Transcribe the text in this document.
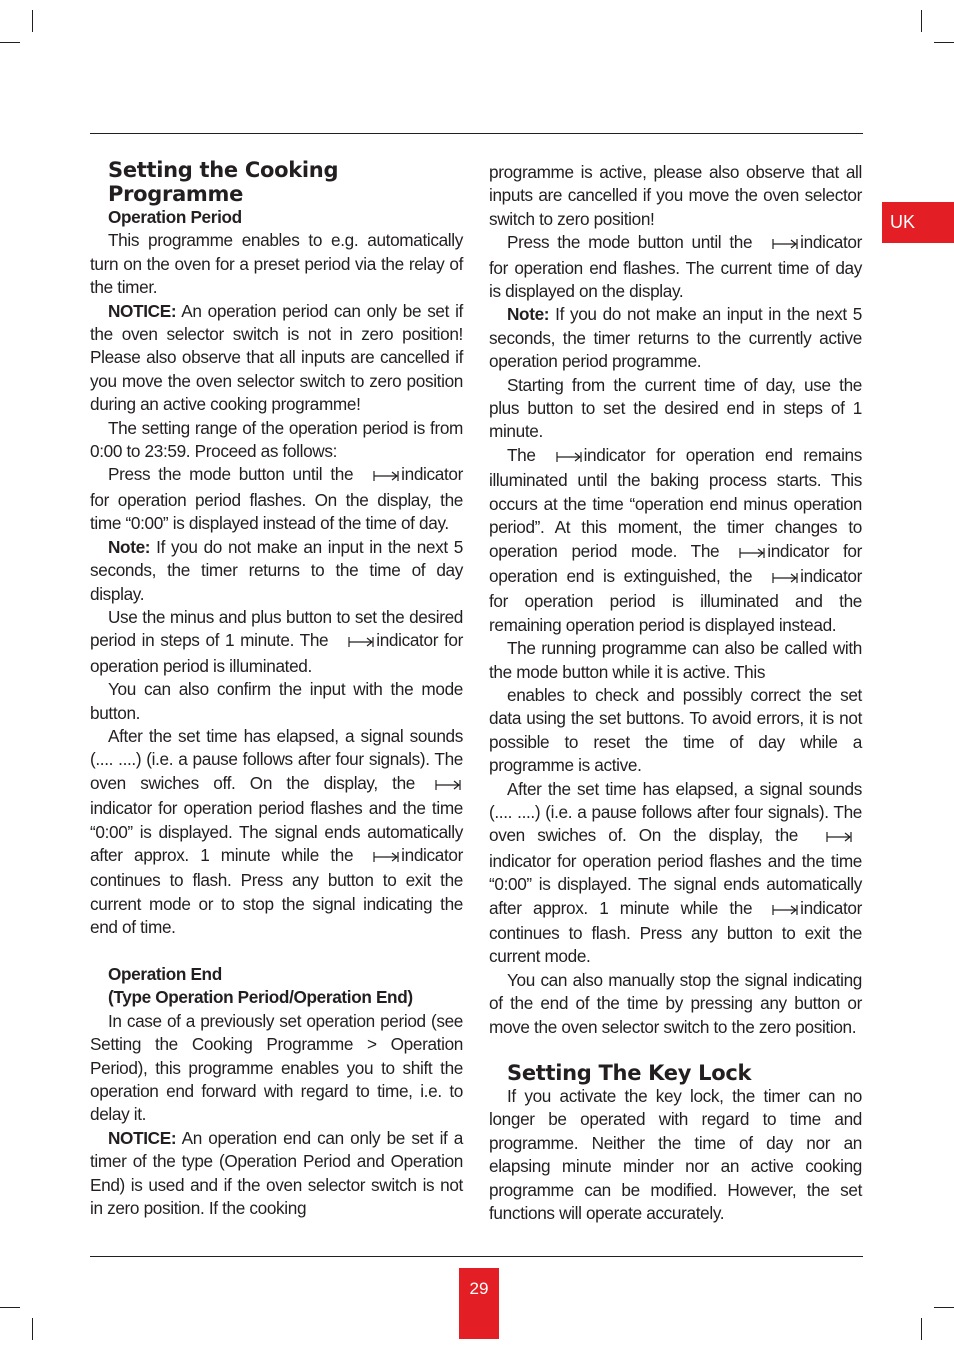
UK
29
Setting the Cooking Programme
Operation Period

This programme enables to e.g. automatically turn on the oven for a preset period via the relay of the timer.

NOTICE: An operation period can only be set if the oven selector switch is not in zero position! Please also observe that all inputs are cancelled if you move the oven selector switch to zero position during an active cooking programme!

The setting range of the operation period is from 0:00 to 23:59. Proceed as follows:

Press the mode button until the	indicator for operation period flashes. On the display, the time “0:00” is displayed instead of the time of day.

Note: If you do not make an input in the next 5 seconds, the timer returns to the time of day display.

Use the minus and plus button to set the desired period in steps of 1 minute. The	indicator for operation period is illuminated.

You can also confirm the input with the mode button.

After the set time has elapsed, a signal sounds (.... ....) (i.e. a pause follows after four signals). The oven swiches off. On the display, theindicator for operation period flashes and the time “0:00” is displayed. The signal ends automatically after approx. 1 minute while the	indicator continues to flash. Press any button to exit the current mode or to stop the signal indicating the end of time.

Operation End
(Type Operation Period/Operation End)

In case of a previously set operation period (see Setting the Cooking Programme > Operation Period), this programme enables you to shift the operation end forward with regard to time, i.e. to delay it.

NOTICE: An operation end can only be set if a timer of the type (Operation Period and Operation End) is used and if the oven selector switch is not in zero position. If the cooking

programme is active, please also observe that all inputs are cancelled if you move the oven selector switch to zero position!

Press the mode button until the	indicator for operation end flashes. The current time of day is displayed on the display.

Note: If you do not make an input in the next 5 seconds, the timer returns to the currently active operation period programme.

Starting from the current time of day, use the plus button to set the desired end in steps of 1 minute.

The	indicator for operation end remains illuminated until the baking process starts. This occurs at the time “operation end minus operation period”. At this moment, the timer changes to operation period mode. The	indicator for operation end is extinguished, the	indicator for operation period is illuminated and the remaining operation period is displayed instead.

The running programme can also be called with the mode button while it is active. This

enables to check and possibly correct the set data using the set buttons. To avoid errors, it is not possible to reset the time of day while a programme is active.

After the set time has elapsed, a signal sounds (.... ....) (i.e. a pause follows after four signals). The oven swiches of. On the display, theindicator for operation period flashes and the time “0:00” is displayed. The signal ends automatically after approx. 1 minute while the	indicator continues to flash. Press any button to exit the current mode.

You can also manually stop the signal indicating of the end of the time by pressing any button or move the oven selector switch to the zero position.

Setting The Key Lock

If you activate the key lock, the timer can no longer be operated with regard to time and programme. Neither the time of day nor an elapsing minute minder nor an active cooking programme can be modified. However, the set functions will operate accurately.
